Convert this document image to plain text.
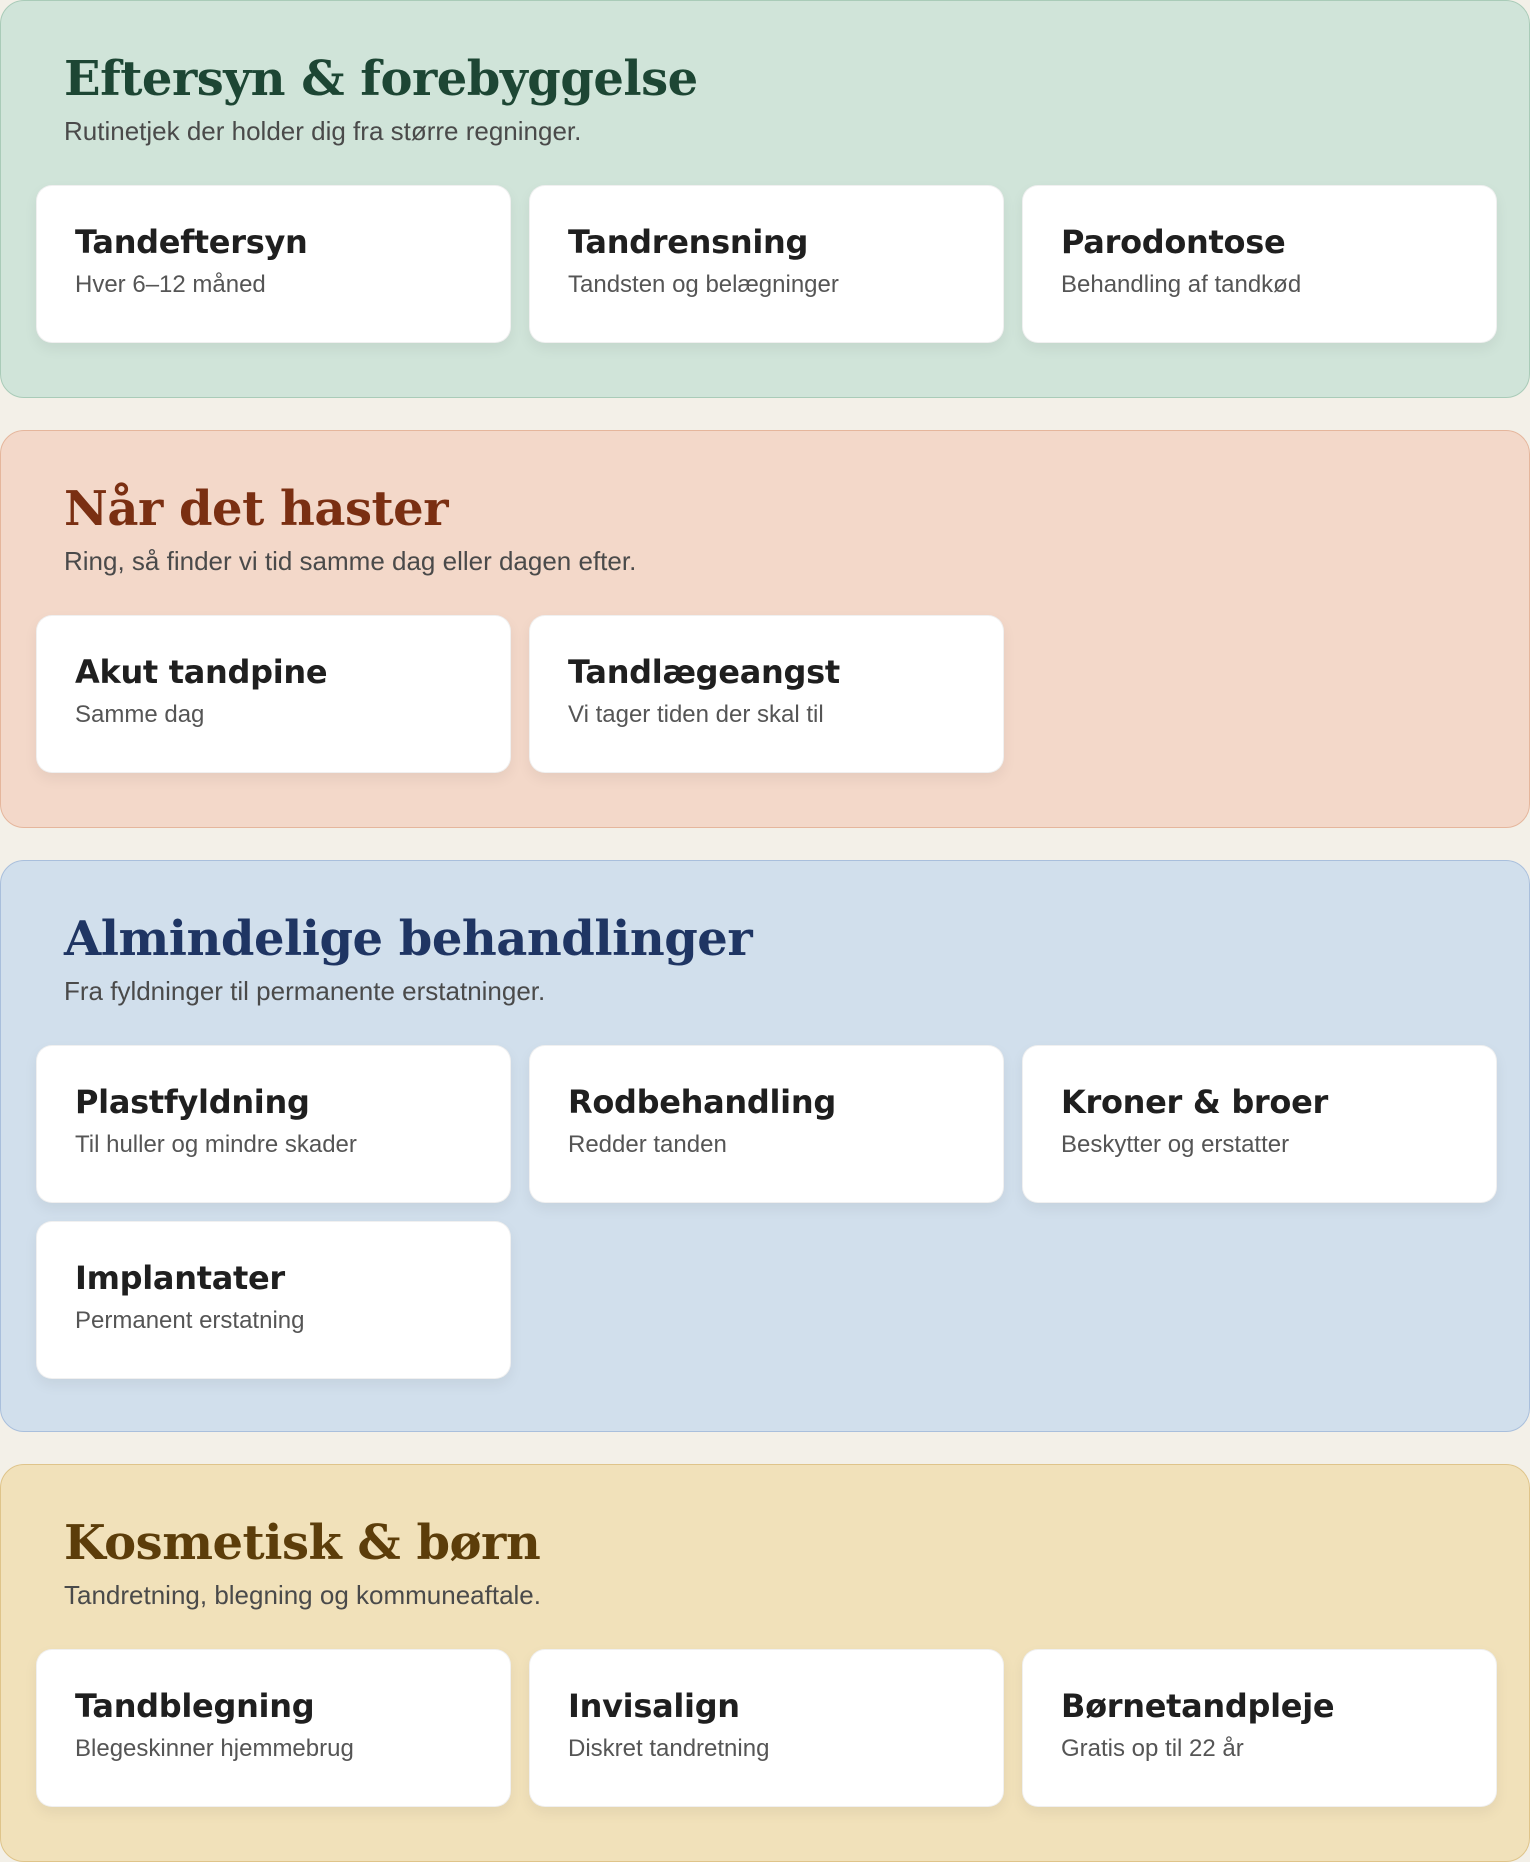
Eftersyn & forebyggelse

Rutinetjek der holder dig fra større regninger.

Tandeftersyn
Hver 6–12 måned
Tandrensning
Tandsten og belægninger
Parodontose
Behandling af tandkød
Når det haster

Ring, så finder vi tid samme dag eller dagen efter.

Akut tandpine
Samme dag
Tandlægeangst
Vi tager tiden der skal til
Almindelige behandlinger

Fra fyldninger til permanente erstatninger.

Plastfyldning
Til huller og mindre skader
Rodbehandling
Redder tanden
Kroner & broer
Beskytter og erstatter
Implantater
Permanent erstatning
Kosmetisk & børn

Tandretning, blegning og kommuneaftale.

Tandblegning
Blegeskinner hjemmebrug
Invisalign
Diskret tandretning
Børnetandpleje
Gratis op til 22 år
